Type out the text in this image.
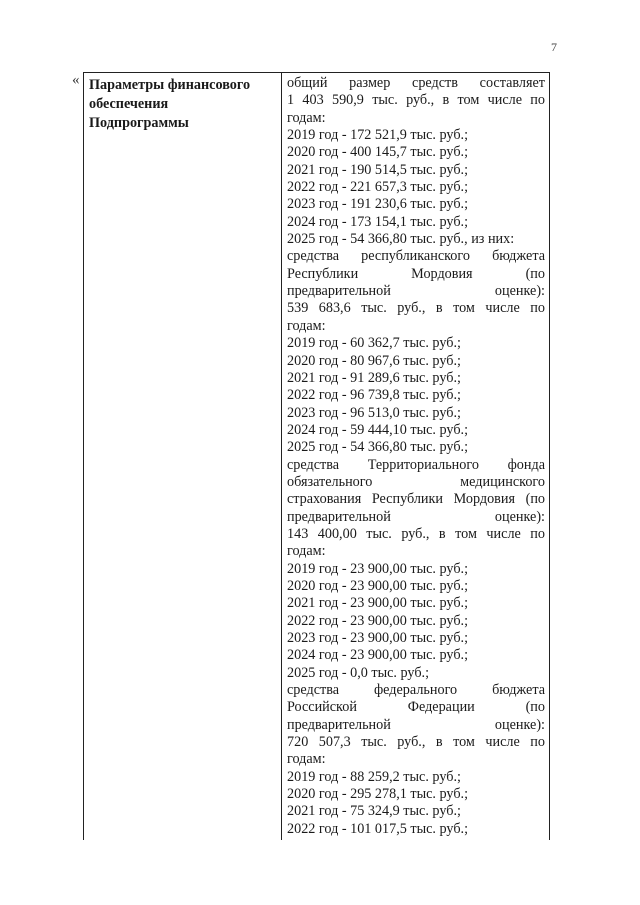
7
« Параметры финансового
обеспечения
Подпрограммы

общий размер средств составляет
1 403 590,9 тыс. руб., в том числе по
годам:
2019 год - 172 521,9 тыс. руб.;
2020 год - 400 145,7 тыс. руб.;
2021 год - 190 514,5 тыс. руб.;
2022 год - 221 657,3 тыс. руб.;
2023 год - 191 230,6 тыс. руб.;
2024 год - 173 154,1 тыс. руб.;
2025 год - 54 366,80 тыс. руб., из них:
средства республиканского бюджета
Республики Мордовия (по
предварительной оценке):
539 683,6 тыс. руб., в том числе по
годам:
2019 год - 60 362,7 тыс. руб.;
2020 год - 80 967,6 тыс. руб.;
2021 год - 91 289,6 тыс. руб.;
2022 год - 96 739,8 тыс. руб.;
2023 год - 96 513,0 тыс. руб.;
2024 год - 59 444,10 тыс. руб.;
2025 год - 54 366,80 тыс. руб.;
средства Территориального фонда
обязательного медицинского
страхования Республики Мордовия (по
предварительной оценке):
143 400,00 тыс. руб., в том числе по
годам:
2019 год - 23 900,00 тыс. руб.;
2020 год - 23 900,00 тыс. руб.;
2021 год - 23 900,00 тыс. руб.;
2022 год - 23 900,00 тыс. руб.;
2023 год - 23 900,00 тыс. руб.;
2024 год - 23 900,00 тыс. руб.;
2025 год - 0,0 тыс. руб.;
средства федерального бюджета
Российской Федерации (по
предварительной оценке):
720 507,3 тыс. руб., в том числе по
годам:
2019 год - 88 259,2 тыс. руб.;
2020 год - 295 278,1 тыс. руб.;
2021 год - 75 324,9 тыс. руб.;
2022 год - 101 017,5 тыс. руб.;
